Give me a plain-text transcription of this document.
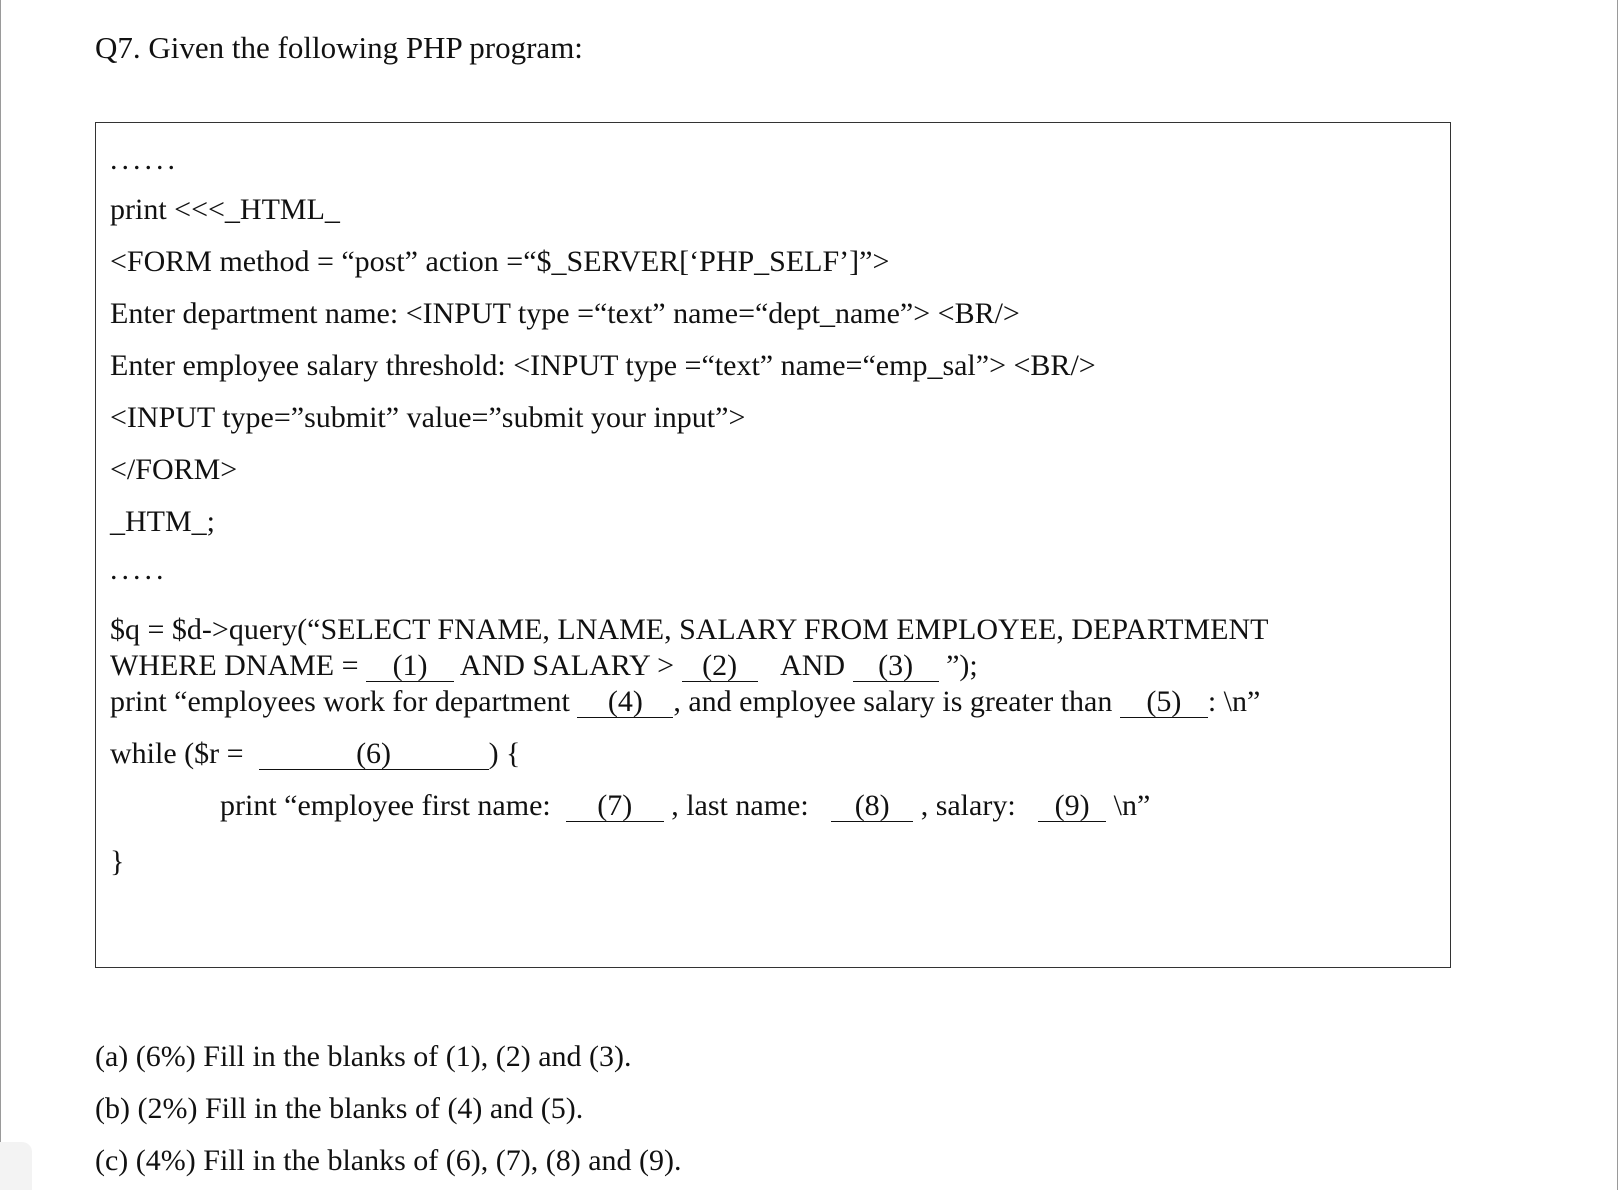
Q7. Given the following PHP program:
......
print <<<_HTML_
<FORM method = “post” action =“$_SERVER[‘PHP_SELF’]”>
Enter department name: <INPUT type =“text” name=“dept_name”> <BR/>
Enter employee salary threshold: <INPUT type =“text” name=“emp_sal”> <BR/>
<INPUT type=”submit” value=”submit your input”>
</FORM>
_HTM_;
.....
$q = $d->query(“SELECT FNAME, LNAME, SALARY FROM EMPLOYEE, DEPARTMENT
WHERE DNAME = (1) AND SALARY > (2) AND (3) ”);
print “employees work for department (4) , and employee salary is greater than (5) : \n”
while ($r =	(6)	) {
print “employee first name: (7) , last name: (8) , salary: (9) \n”
}
(a) (6%) Fill in the blanks of (1), (2) and (3).
(b) (2%) Fill in the blanks of (4) and (5).
(c) (4%) Fill in the blanks of (6), (7), (8) and (9).
